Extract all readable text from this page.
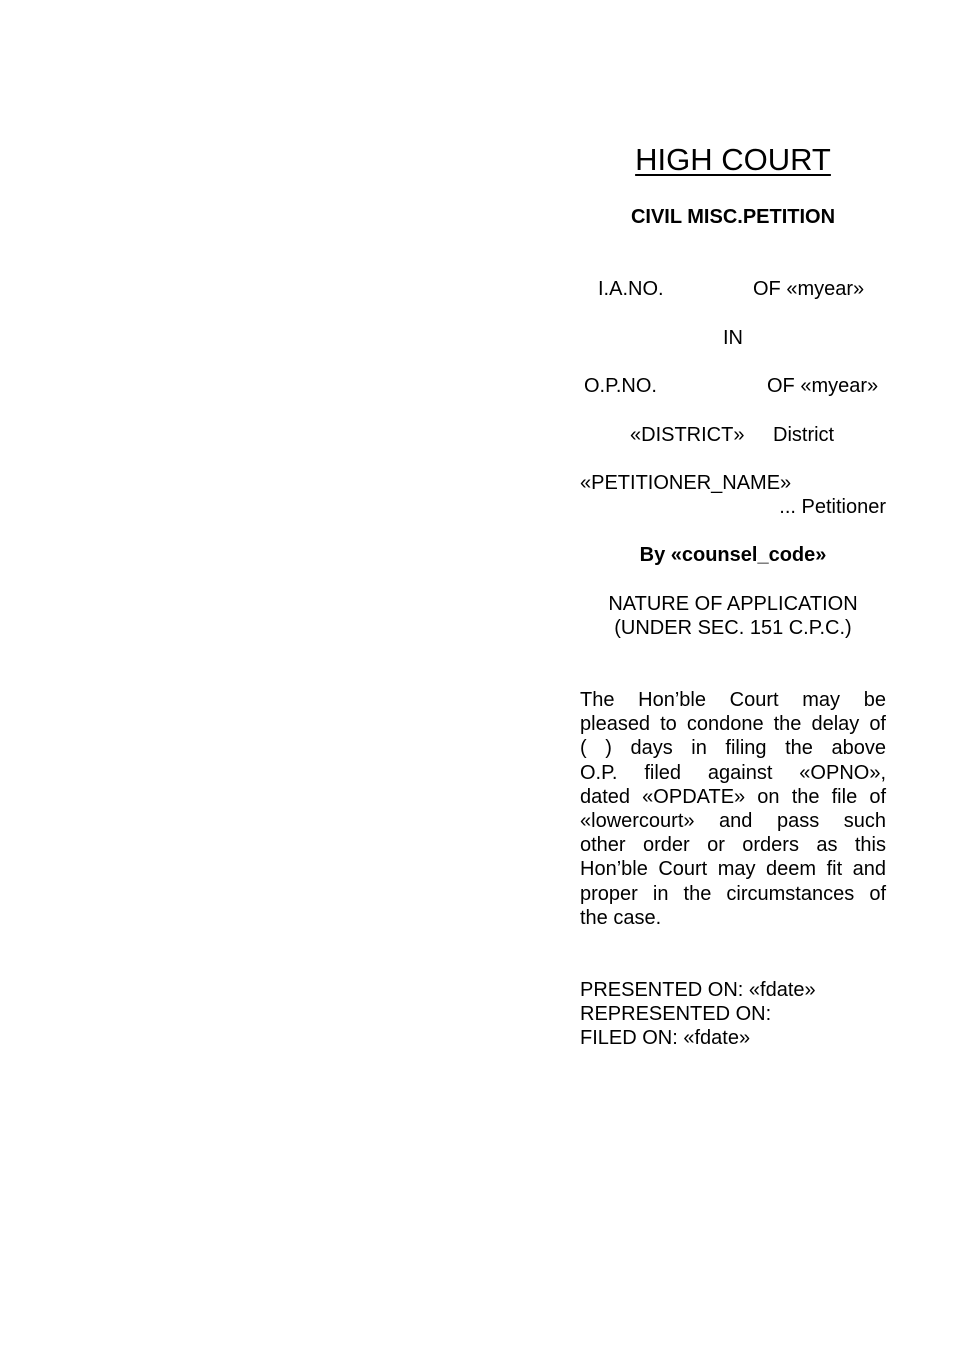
HIGH COURT
CIVIL MISC.PETITION
I.A.NO.	OF «myear»
IN
O.P.NO.	OF «myear»
«DISTRICT» District
«PETITIONER_NAME»
... Petitioner
By «counsel_code»
NATURE OF APPLICATION
(UNDER SEC. 151 C.P.C.)
The Hon’ble Court may be
pleased to condone the delay of
( ) days in filing the above
O.P. filed against «OPNO»,
dated «OPDATE» on the file of
«lowercourt» and pass such
other order or orders as this
Hon’ble Court may deem fit and
proper in the circumstances of
the case.
PRESENTED ON: «fdate»
REPRESENTED ON:
FILED ON: «fdate»
